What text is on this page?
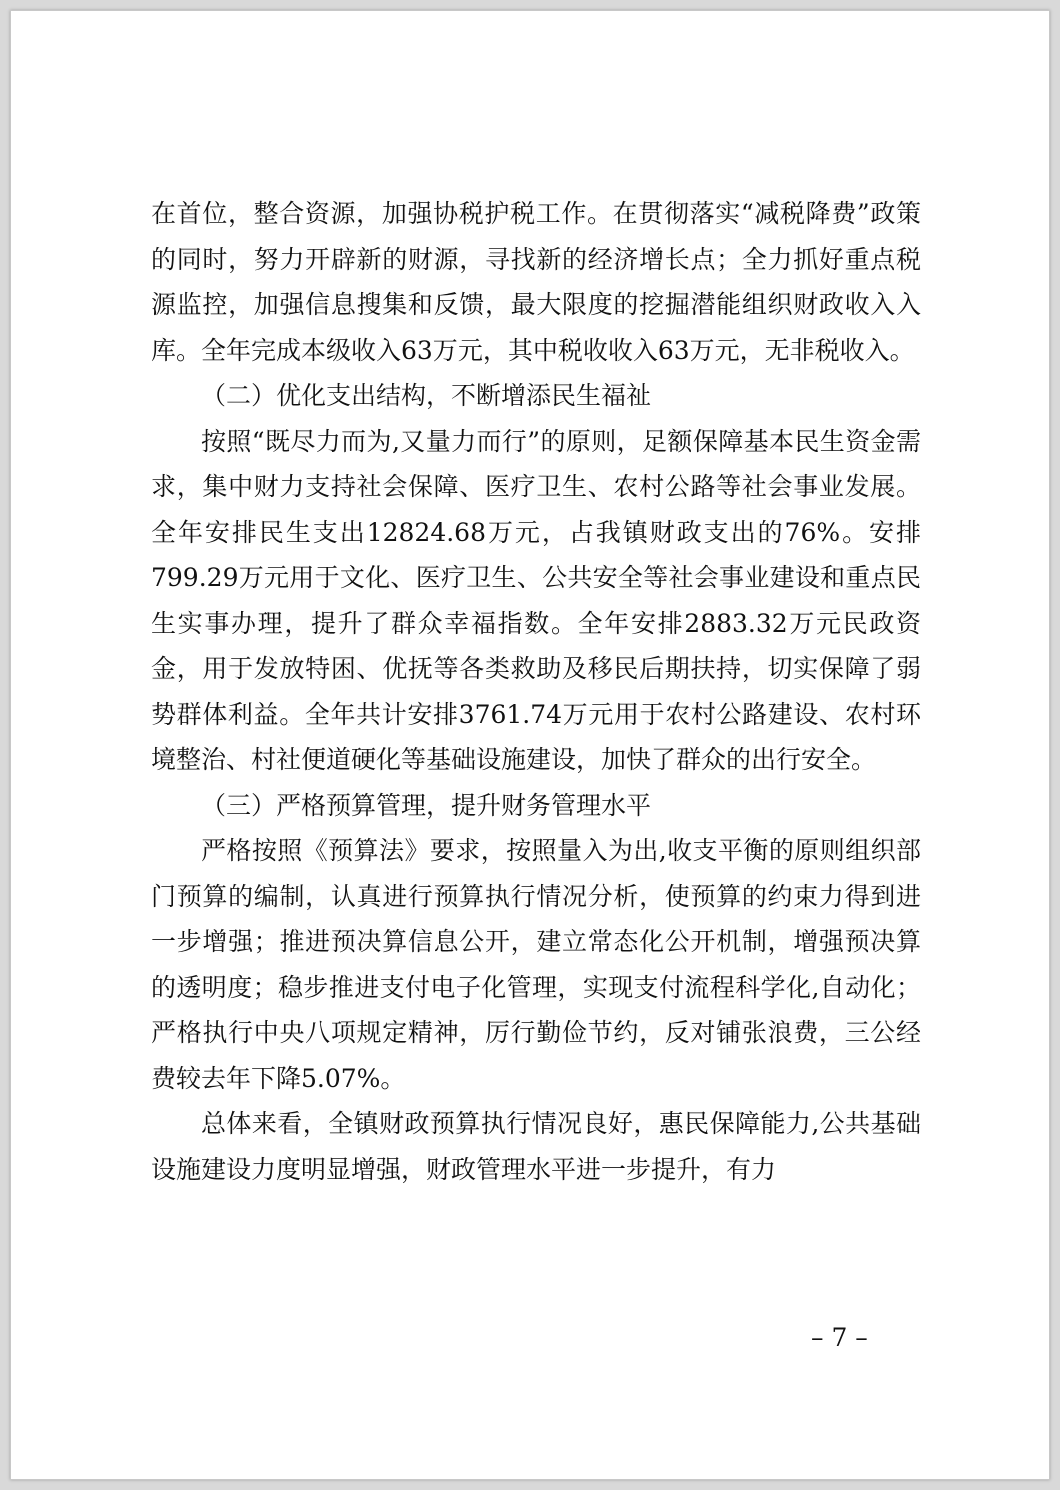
在首位，整合资源，加强协税护税工作。在贯彻落实“减税降费”政策的同时，努力开辟新的财源，寻找新的经济增长点；全力抓好重点税源监控，加强信息搜集和反馈，最大限度的挖掘潜能组织财政收入入库。全年完成本级收入63万元，其中税收收入63万元，无非税收入。

（二）优化支出结构，不断增添民生福祉

按照“既尽力而为,又量力而行”的原则，足额保障基本民生资金需求，集中财力支持社会保障、医疗卫生、农村公路等社会事业发展。全年安排民生支出12824.68万元，占我镇财政支出的76%。安排799.29万元用于文化、医疗卫生、公共安全等社会事业建设和重点民生实事办理，提升了群众幸福指数。全年安排2883.32万元民政资金，用于发放特困、优抚等各类救助及移民后期扶持，切实保障了弱势群体利益。全年共计安排3761.74万元用于农村公路建设、农村环境整治、村社便道硬化等基础设施建设，加快了群众的出行安全。

（三）严格预算管理，提升财务管理水平

严格按照《预算法》要求，按照量入为出,收支平衡的原则组织部门预算的编制，认真进行预算执行情况分析，使预算的约束力得到进一步增强；推进预决算信息公开，建立常态化公开机制，增强预决算的透明度；稳步推进支付电子化管理，实现支付流程科学化,自动化；严格执行中央八项规定精神，厉行勤俭节约，反对铺张浪费，三公经费较去年下降5.07%。

总体来看，全镇财政预算执行情况良好，惠民保障能力,公共基础设施建设力度明显增强，财政管理水平进一步提升，有力

– 7 –
